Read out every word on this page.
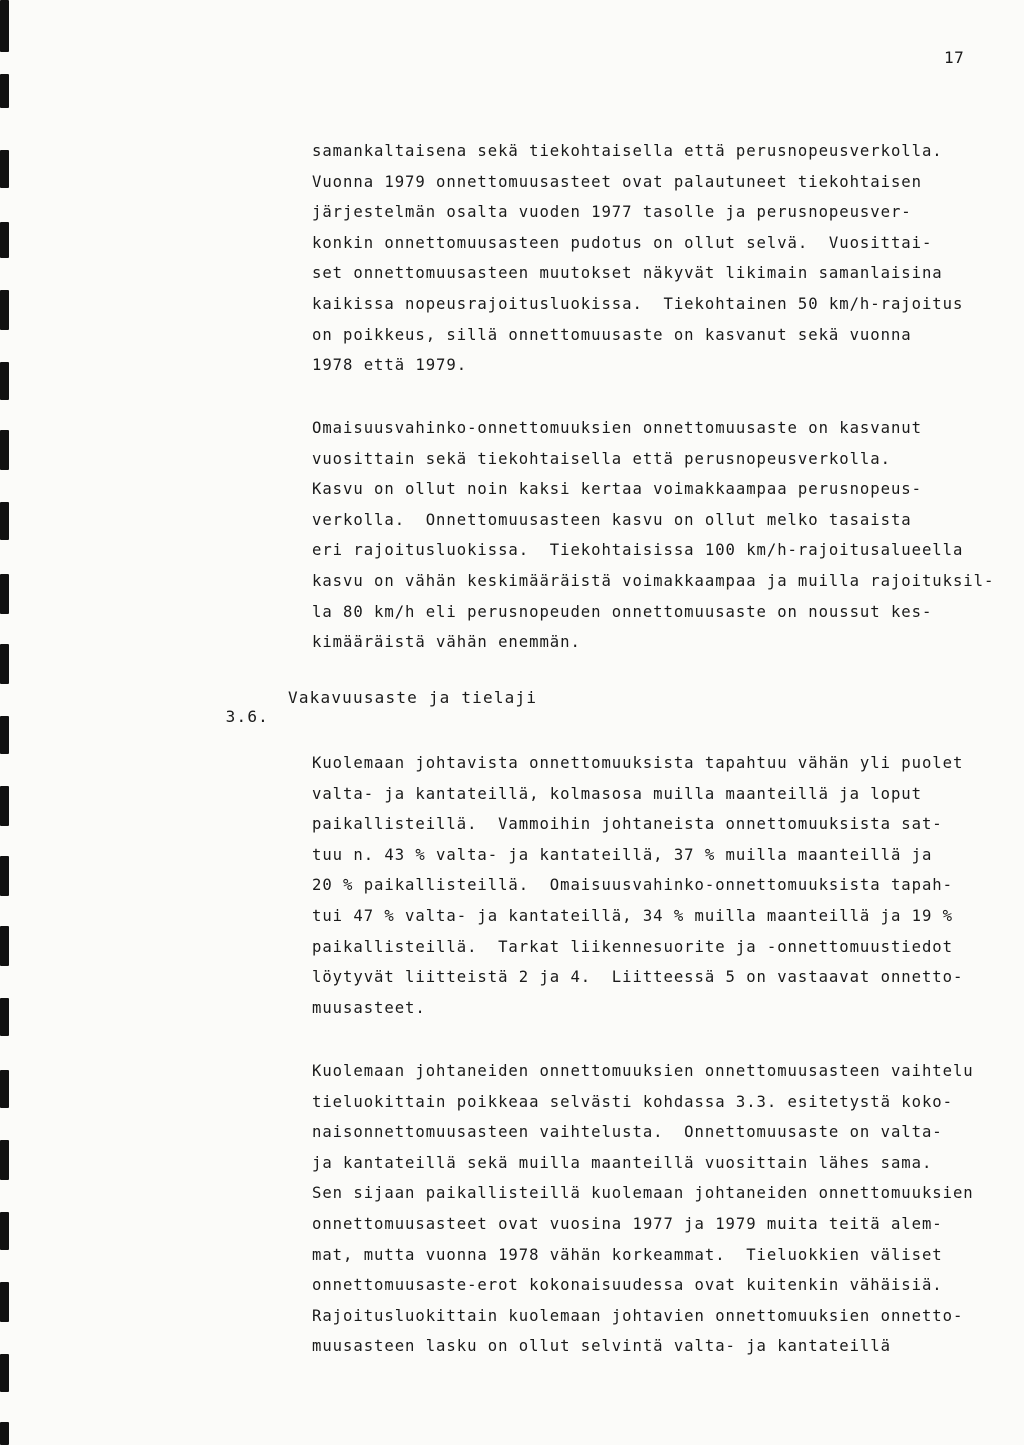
17
samankaltaisena sekä tiekohtaisella että perusnopeusverkolla.
Vuonna 1979 onnettomuusasteet ovat palautuneet tiekohtaisen
järjestelmän osalta vuoden 1977 tasolle ja perusnopeusver-
konkin onnettomuusasteen pudotus on ollut selvä.  Vuosittai-
set onnettomuusasteen muutokset näkyvät likimain samanlaisina
kaikissa nopeusrajoitusluokissa.  Tiekohtainen 50 km/h-rajoitus
on poikkeus, sillä onnettomuusaste on kasvanut sekä vuonna
1978 että 1979.
Omaisuusvahinko-onnettomuuksien onnettomuusaste on kasvanut
vuosittain sekä tiekohtaisella että perusnopeusverkolla.
Kasvu on ollut noin kaksi kertaa voimakkaampaa perusnopeus-
verkolla.  Onnettomuusasteen kasvu on ollut melko tasaista
eri rajoitusluokissa.  Tiekohtaisissa 100 km/h-rajoitusalueella
kasvu on vähän keskimääräistä voimakkaampaa ja muilla rajoituksil-
la 80 km/h eli perusnopeuden onnettomuusaste on noussut kes-
kimääräistä vähän enemmän.

3.6.

Vakavuusaste ja tielaji

Kuolemaan johtavista onnettomuuksista tapahtuu vähän yli puolet
valta- ja kantateillä, kolmasosa muilla maanteillä ja loput
paikallisteillä.  Vammoihin johtaneista onnettomuuksista sat-
tuu n. 43 % valta- ja kantateillä, 37 % muilla maanteillä ja
20 % paikallisteillä.  Omaisuusvahinko-onnettomuuksista tapah-
tui 47 % valta- ja kantateillä, 34 % muilla maanteillä ja 19 %
paikallisteillä.  Tarkat liikennesuorite ja -onnettomuustiedot
löytyvät liitteistä 2 ja 4.  Liitteessä 5 on vastaavat onnetto-
muusasteet.
Kuolemaan johtaneiden onnettomuuksien onnettomuusasteen vaihtelu
tieluokittain poikkeaa selvästi kohdassa 3.3. esitetystä koko-
naisonnettomuusasteen vaihtelusta.  Onnettomuusaste on valta-
ja kantateillä sekä muilla maanteillä vuosittain lähes sama.
Sen sijaan paikallisteillä kuolemaan johtaneiden onnettomuuksien
onnettomuusasteet ovat vuosina 1977 ja 1979 muita teitä alem-
mat, mutta vuonna 1978 vähän korkeammat.  Tieluokkien väliset
onnettomuusaste-erot kokonaisuudessa ovat kuitenkin vähäisiä.
Rajoitusluokittain kuolemaan johtavien onnettomuuksien onnetto-
muusasteen lasku on ollut selvintä valta- ja kantateillä
